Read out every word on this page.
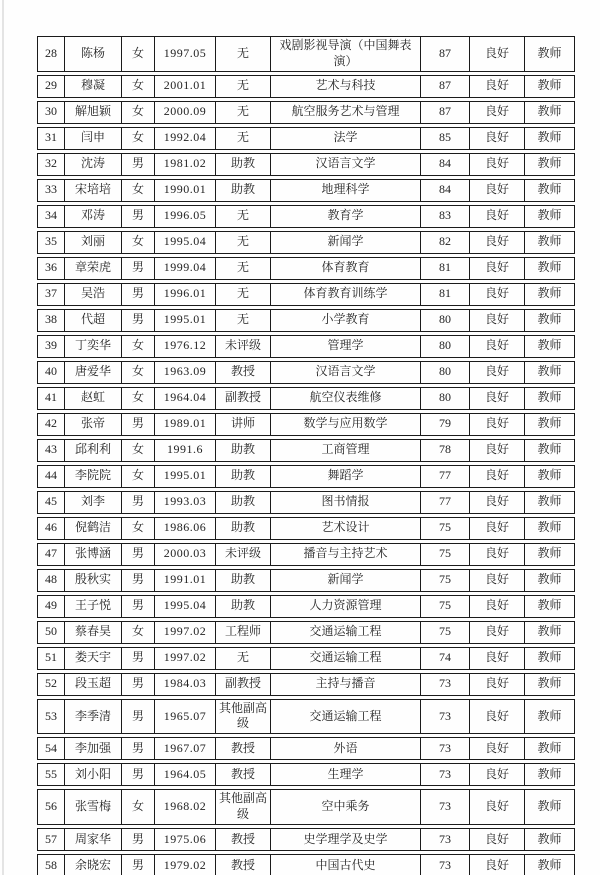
28	陈杨	女	1997.05	无	戏剧影视导演（中国舞表演）	87	良好	教师
29	穆凝	女	2001.01	无	艺术与科技	87	良好	教师
30	解旭颖	女	2000.09	无	航空服务艺术与管理	87	良好	教师
31	闫申	女	1992.04	无	法学	85	良好	教师
32	沈涛	男	1981.02	助教	汉语言文学	84	良好	教师
33	宋培培	女	1990.01	助教	地理科学	84	良好	教师
34	邓涛	男	1996.05	无	教育学	83	良好	教师
35	刘丽	女	1995.04	无	新闻学	82	良好	教师
36	章荣虎	男	1999.04	无	体育教育	81	良好	教师
37	吴浩	男	1996.01	无	体育教育训练学	81	良好	教师
38	代超	男	1995.01	无	小学教育	80	良好	教师
39	丁奕华	女	1976.12	未评级	管理学	80	良好	教师
40	唐爱华	女	1963.09	教授	汉语言文学	80	良好	教师
41	赵虹	女	1964.04	副教授	航空仪表维修	80	良好	教师
42	张帝	男	1989.01	讲师	数学与应用数学	79	良好	教师
43	邱利利	女	1991.6	助教	工商管理	78	良好	教师
44	李院院	女	1995.01	助教	舞蹈学	77	良好	教师
45	刘李	男	1993.03	助教	图书情报	77	良好	教师
46	倪鹤洁	女	1986.06	助教	艺术设计	75	良好	教师
47	张博涵	男	2000.03	未评级	播音与主持艺术	75	良好	教师
48	殷秋实	男	1991.01	助教	新闻学	75	良好	教师
49	王子悦	男	1995.04	助教	人力资源管理	75	良好	教师
50	蔡春昊	女	1997.02	工程师	交通运输工程	75	良好	教师
51	娄天宇	男	1997.02	无	交通运输工程	74	良好	教师
52	段玉超	男	1984.03	副教授	主持与播音	73	良好	教师
53	李季清	男	1965.07	其他副高级	交通运输工程	73	良好	教师
54	李加强	男	1967.07	教授	外语	73	良好	教师
55	刘小阳	男	1964.05	教授	生理学	73	良好	教师
56	张雪梅	女	1968.02	其他副高级	空中乘务	73	良好	教师
57	周家华	男	1975.06	教授	史学理学及史学	73	良好	教师
58	余晓宏	男	1979.02	教授	中国古代史	73	良好	教师
